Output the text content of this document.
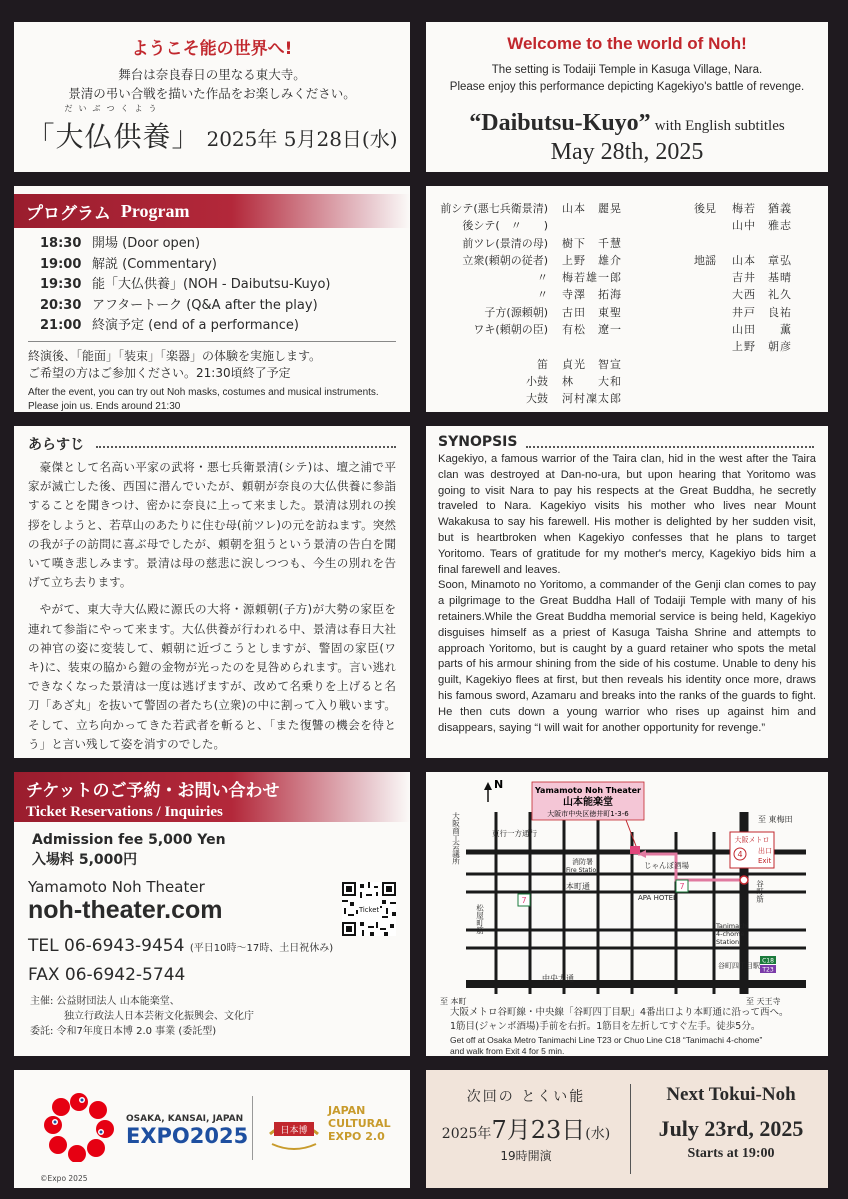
ようこそ能の世界へ!
舞台は奈良春日の里なる東大寺。
景清の弔い合戦を描いた作品をお楽しみください。
だいぶつくよう
「大仏供養」 2025年 5月28日(水)
Welcome to the world of Noh!
The setting is Todaiji Temple in Kasuga Village, Nara.
Please enjoy this performance depicting Kagekiyo's battle of revenge.
“Daibutsu-Kuyo” with English subtitles
May 28th, 2025
プログラム Program
18:30 開場 (Door open)
19:00 解説 (Commentary)
19:30 能「大仏供養」(NOH - Daibutsu-Kuyo)
20:30 アフタートーク (Q&A after the play)
21:00 終演予定 (end of a performance)
終演後、「能面」「装束」「楽器」の体験を実施します。
ご希望の方はご参加ください。21:30頃終了予定
After the event, you can try out Noh masks, costumes and musical instruments. Please join us. Ends around 21:30
前シテ(悪七兵衛景清)	山本　麗晃
後シテ(　〃　　)
前ツレ(景清の母)	樹下　千慧
立衆(頼朝の従者)	上野　雄介
〃	梅若雄一郎
〃	寺澤　拓海
子方(源頼朝)	古田　東聖
ワキ(頼朝の臣)	有松　遼一

笛	貞光　智宣
小鼓	林　　大和
大鼓	河村凜太郎
後見	梅若　猶義
山中　雅志

地謡	山本　章弘
吉井　基晴
大西　礼久
井戸　良祐
山田　　薫
上野　朝彦
あらすじ

豪傑として名高い平家の武将・悪七兵衛景清(シテ)は、壇之浦で平家が滅亡した後、西国に潜んでいたが、頼朝が奈良の大仏供養に参詣することを聞きつけ、密かに奈良に上って来ました。景清は別れの挨拶をしようと、若草山のあたりに住む母(前ツレ)の元を訪ねます。突然の我が子の訪問に喜ぶ母でしたが、頼朝を狙うという景清の告白を聞いて嘆き悲しみます。景清は母の慈悲に涙しつつも、今生の別れを告げて立ち去ります。

やがて、東大寺大仏殿に源氏の大将・源頼朝(子方)が大勢の家臣を連れて参詣にやって来ます。大仏供養が行われる中、景清は春日大社の神官の姿に変装して、頼朝に近づこうとしますが、警固の家臣(ワキ)に、装束の脇から鎧の金物が光ったのを見咎められます。言い逃れできなくなった景清は一度は逃げますが、改めて名乗りを上げると名刀「あざ丸」を抜いて警固の者たち(立衆)の中に割って入り戦います。そして、立ち向かってきた若武者を斬ると、「また復讐の機会を待とう」と言い残して姿を消すのでした。

SYNOPSIS

Kagekiyo, a famous warrior of the Taira clan, hid in the west after the Taira clan was destroyed at Dan-no-ura, but upon hearing that Yoritomo was going to visit Nara to pay his respects at the Great Buddha, he secretly traveled to Nara. Kagekiyo visits his mother who lives near Mount Wakakusa to say his farewell. His mother is delighted by her sudden visit, but is heartbroken when Kagekiyo confesses that he plans to target Yoritomo. Tears of gratitude for my mother's mercy, Kagekiyo bids him a final farewell and leaves.

Soon, Minamoto no Yoritomo, a commander of the Genji clan comes to pay a pilgrimage to the Great Buddha Hall of Todaiji Temple with many of his retainers.While the Great Buddha memorial service is being held, Kagekiyo disguises himself as a priest of Kasuga Taisha Shrine and attempts to approach Yoritomo, but is caught by a guard retainer who spots the metal parts of his armour shining from the side of his costume. Unable to deny his guilt, Kagekiyo flees at first, but then reveals his identity once more, draws his famous sword, Azamaru and breaks into the ranks of the guards to fight. He then cuts down a young warrior who rises up against him and disappears, saying “I will wait for another opportunity for revenge.”

チケットのご予約・お問い合わせ
Ticket Reservations / Inquiries
Admission fee 5,000 Yen
入場料 5,000円
Yamamoto Noh Theater
noh-theater.com
TEL 06-6943-9454 (平日10時～17時、土日祝休み)
FAX 06-6942-5744
主催: 公益財団法人 山本能楽堂、
独立行政法人日本芸術文化振興会、文化庁
委託: 令和7年度日本博 2.0 事業 (委託型)
Ticket
N	Yamamoto Noh Theater
山本能楽堂
大阪市中央区徳井町1-3-6
大阪メトロ
4 出口
Exit
至 東梅田
東行一方通行
消防署
Fire Station
じゃんぼ酒場
本町通
APA HOTEL
中央大通
至 本町	至 天王寺
Tanimachi
4-chome
Station
谷町四丁目駅
大阪商工会議所
松屋町筋
谷町筋
C18
T23
7
7
大阪メトロ谷町線・中央線「谷町四丁目駅」4番出口より本町通に沿って西へ。
1筋目(ジャンボ酒場)手前を右折。1筋目を左折してすぐ左手。徒歩5分。
Get off at Osaka Metro Tanimachi Line T23 or Chuo Line C18 “Tanimachi 4-chome”
and walk from Exit 4 for 5 min.
OSAKA, KANSAI, JAPAN
EXPO2025	日本博
JAPAN
CULTURAL
EXPO 2.0
©Expo 2025
次回の とくい能
2025年7月23日(水)
19時開演
Next Tokui-Noh
July 23rd, 2025
Starts at 19:00
